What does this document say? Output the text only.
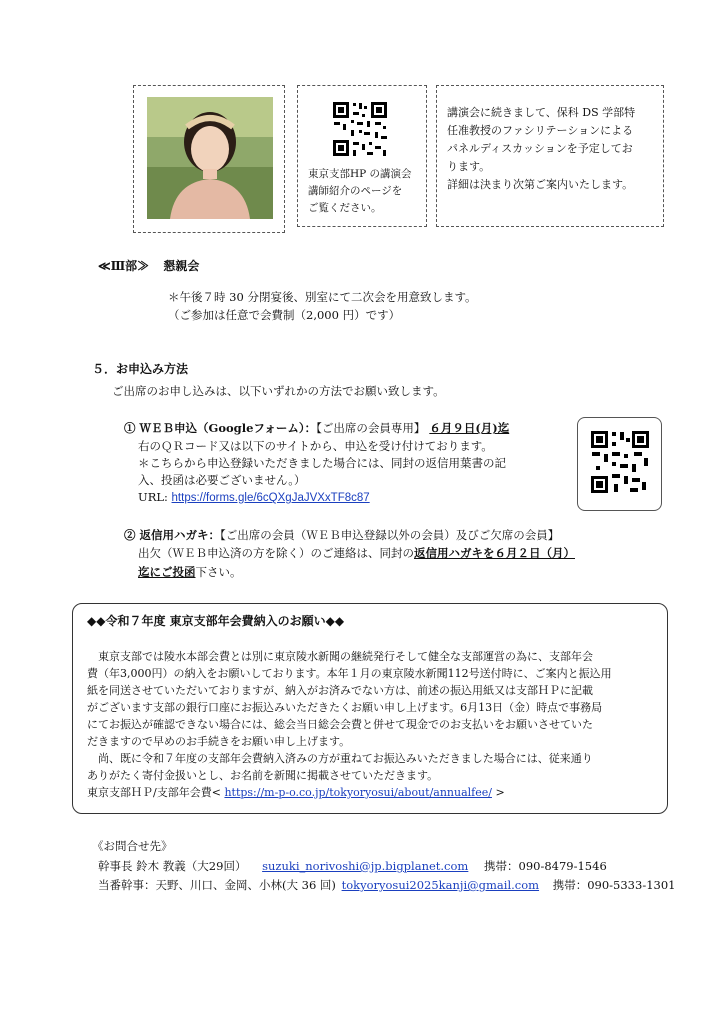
東京支部HP の講演会
講師紹介のページを
ご覧ください。
講演会に続きまして、保科 DS 学部特
任准教授のファシリテーションによる
パネルディスカッションを予定してお
ります。
詳細は決まり次第ご案内いたします。
≪Ⅲ部≫ 懇親会
＊午後７時 30 分閉宴後、別室にて二次会を用意致します。
（ご参加は任意で会費制（2,000 円）です）
５．お申込み方法
ご出席のお申し込みは、以下いずれかの方法でお願い致します。
① ＷＥＢ申込（Googleフォーム）：【ご出席の会員専用】 ６月９日(月)迄
右のＱＲコード又は以下のサイトから、申込を受け付けております。
＊こちらから申込登録いただきました場合には、同封の返信用葉書の記
入、投函は必要ございません。）
URL: https://forms.gle/6cQXgJaJVXxTF8c87
② 返信用ハガキ：【ご出席の会員（ＷＥＢ申込登録以外の会員）及びご欠席の会員】
出欠（ＷＥＢ申込済の方を除く）のご連絡は、同封の返信用ハガキを６月２日（月）
迄にご投函下さい。
◆◆令和７年度 東京支部年会費納入のお願い◆◆
東京支部では陵水本部会費とは別に東京陵水新聞の継続発行そして健全な支部運営の為に、支部年会
費（年3,000円）の納入をお願いしております。本年１月の東京陵水新聞112号送付時に、ご案内と振込用
紙を同送させていただいておりますが、納入がお済みでない方は、前述の振込用紙又は支部ＨＰに記載
がございます支部の銀行口座にお振込みいただきたくお願い申し上げます。6月13日（金）時点で事務局
にてお振込が確認できない場合には、総会当日総会会費と併せて現金でのお支払いをお願いさせていた
だきますので早めのお手続きをお願い申し上げます。
尚、既に令和７年度の支部年会費納入済みの方が重ねてお振込みいただきました場合には、従来通り
ありがたく寄付金扱いとし、お名前を新聞に掲載させていただきます。
東京支部ＨＰ/支部年会費< https://m-p-o.co.jp/tokyoryosui/about/annualfee/ >
《お問合せ先》
幹事長 鈴木 教義（大29回） suzuki_norivoshi@jp.bigplanet.com 携帯：090-8479-1546
当番幹事：天野、川口、金岡、小林(大 36 回) tokyoryosui2025kanji@gmail.com 携帯：090-5333-1301
